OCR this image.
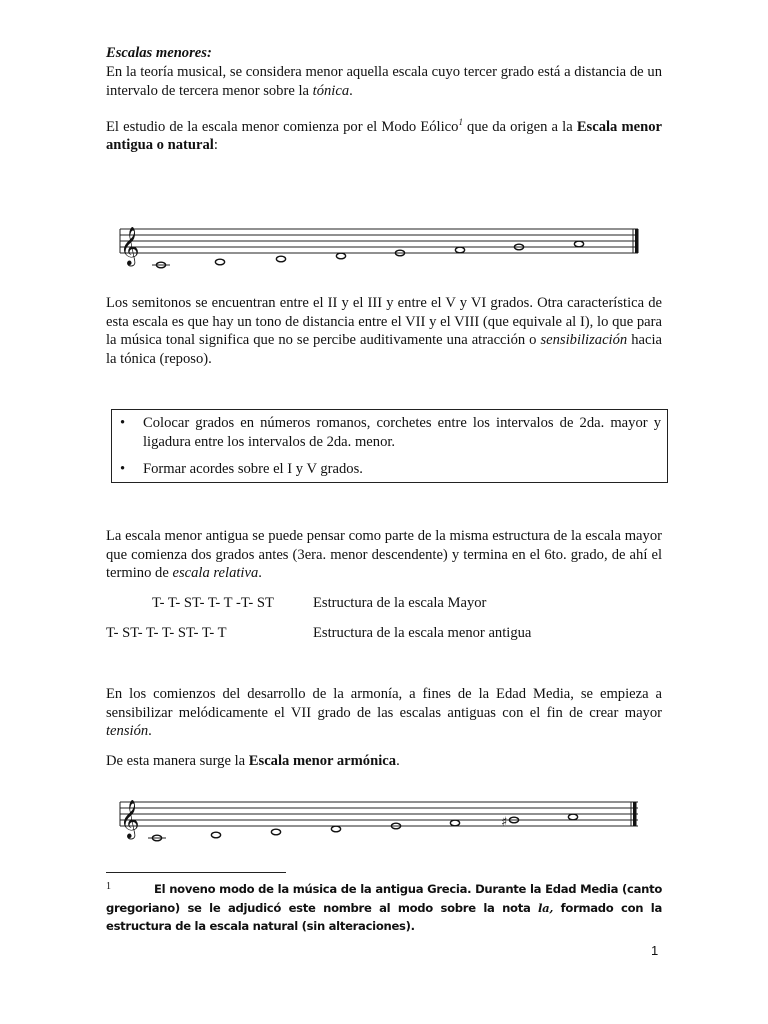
Escalas menores:

En la teoría musical, se considera menor aquella escala cuyo tercer grado está a distancia de un intervalo de tercera menor sobre la tónica.

El estudio de la escala menor comienza por el Modo Eólico$^1$ que da origen a la Escala menor antigua o natural:

𝄞

Los semitonos se encuentran entre el II y el III y entre el V y VI grados. Otra característica de esta escala es que hay un tono de distancia entre el VII y el VIII (que equivale al I), lo que para la música tonal significa que no se percibe auditivamente una atracción o sensibilización hacia la tónica (reposo).

• Colocar grados en números romanos, corchetes entre los intervalos de 2da. mayor y ligadura entre los intervalos de 2da. menor.
• Formar acordes sobre el I y V grados.

La escala menor antigua se puede pensar como parte de la misma estructura de la escala mayor que comienza dos grados antes (3era. menor descendente) y termina en el 6to. grado, de ahí el termino de escala relativa.

T- T- ST- T- T -T- ST	Estructura de la escala Mayor
T- ST- T- T- ST- T- T	Estructura de la escala menor antigua

En los comienzos del desarrollo de la armonía, a fines de la Edad Media, se empieza a sensibilizar melódicamente el VII grado de las escalas antiguas con el fin de crear mayor tensión.

De esta manera surge la Escala menor armónica.

𝄞	♯
1	El noveno modo de la música de la antigua Grecia. Durante la Edad Media (canto gregoriano) se le adjudicó este nombre al modo sobre la nota la, formado con la estructura de la escala natural (sin alteraciones).
1
